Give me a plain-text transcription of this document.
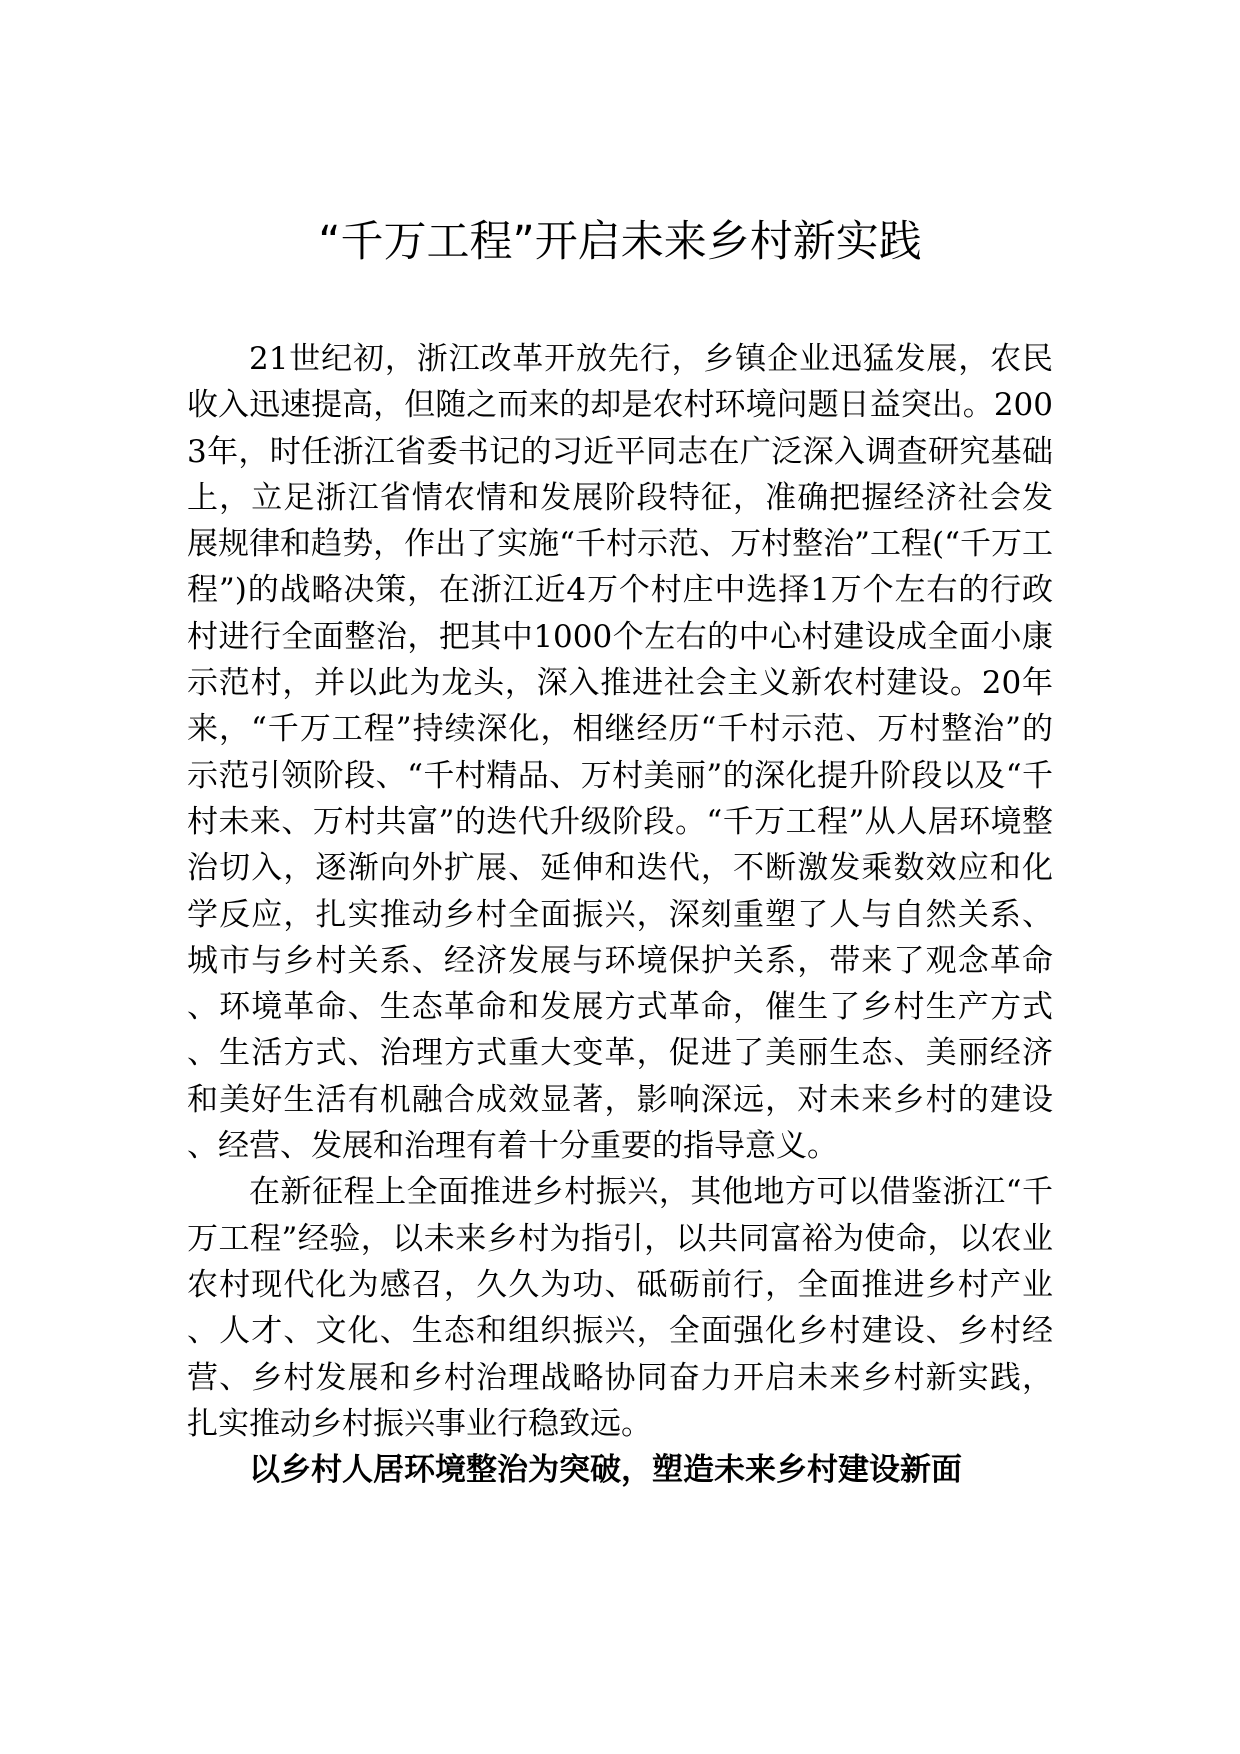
“千万工程”开启未来乡村新实践

21世纪初，浙江改革开放先行，乡镇企业迅猛发展，农民收入迅速提高，但随之而来的却是农村环境问题日益突出。2003年，时任浙江省委书记的习近平同志在广泛深入调查研究基础上，立足浙江省情农情和发展阶段特征，准确把握经济社会发展规律和趋势，作出了实施“千村示范、万村整治”工程(“千万工程”)的战略决策，在浙江近4万个村庄中选择1万个左右的行政村进行全面整治，把其中1000个左右的中心村建设成全面小康示范村，并以此为龙头，深入推进社会主义新农村建设。20年来，“千万工程”持续深化，相继经历“千村示范、万村整治”的示范引领阶段、“千村精品、万村美丽”的深化提升阶段以及“千村未来、万村共富”的迭代升级阶段。“千万工程”从人居环境整治切入，逐渐向外扩展、延伸和迭代，不断激发乘数效应和化学反应，扎实推动乡村全面振兴，深刻重塑了人与自然关系、城市与乡村关系、经济发展与环境保护关系，带来了观念革命、环境革命、生态革命和发展方式革命，催生了乡村生产方式、生活方式、治理方式重大变革，促进了美丽生态、美丽经济和美好生活有机融合成效显著，影响深远，对未来乡村的建设、经营、发展和治理有着十分重要的指导意义。

在新征程上全面推进乡村振兴，其他地方可以借鉴浙江“千万工程”经验，以未来乡村为指引，以共同富裕为使命，以农业农村现代化为感召，久久为功、砥砺前行，全面推进乡村产业、人才、文化、生态和组织振兴，全面强化乡村建设、乡村经营、乡村发展和乡村治理战略协同奋力开启未来乡村新实践，扎实推动乡村振兴事业行稳致远。

以乡村人居环境整治为突破，塑造未来乡村建设新面
